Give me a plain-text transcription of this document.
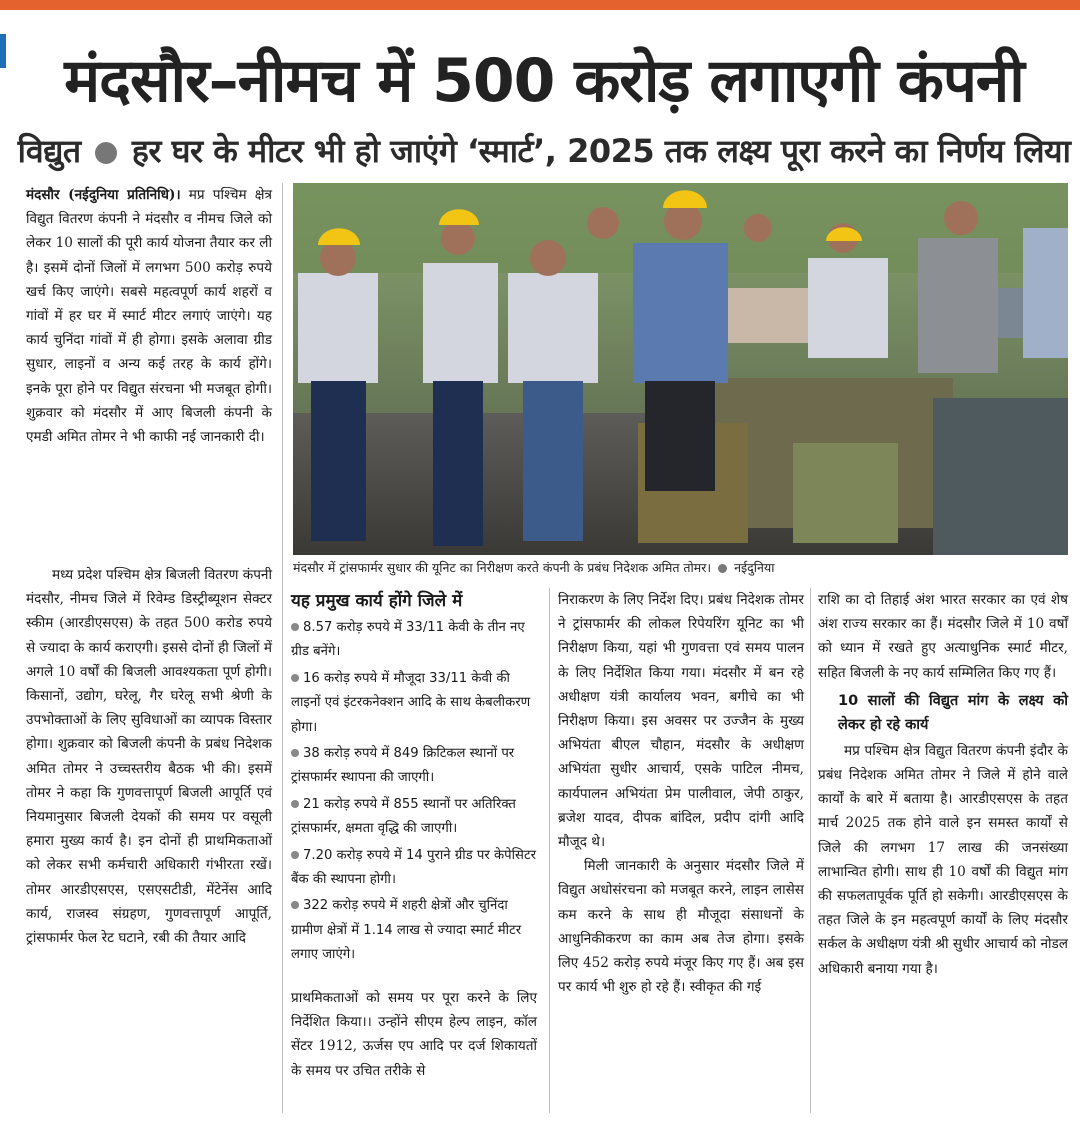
मंदसौर–नीमच में 500 करोड़ लगाएगी कंपनी
विद्युत हर घर के मीटर भी हो जाएंगे ‘स्मार्ट’, 2025 तक लक्ष्य पूरा करने का निर्णय लिया

मंदसौर (नईदुनिया प्रतिनिधि)। मप्र पश्चिम क्षेत्र विद्युत वितरण कंपनी ने मंदसौर व नीमच जिले को लेकर 10 सालों की पूरी कार्य योजना तैयार कर ली है। इसमें दोनों जिलों में लगभग 500 करोड़ रुपये खर्च किए जाएंगे। सबसे महत्वपूर्ण कार्य शहरों व गांवों में हर घर में स्मार्ट मीटर लगाएं जाएंगे। यह कार्य चुनिंदा गांवों में ही होगा। इसके अलावा ग्रीड सुधार, लाइनों व अन्य कई तरह के कार्य होंगे। इनके पूरा होने पर विद्युत संरचना भी मजबूत होगी। शुक्रवार को मंदसौर में आए बिजली कंपनी के एमडी अमित तोमर ने भी काफी नई जानकारी दी।

मध्य प्रदेश पश्चिम क्षेत्र बिजली वितरण कंपनी मंदसौर, नीमच जिले में रिवेम्ड डिस्ट्रीब्यूशन सेक्टर स्कीम (आरडीएसएस) के तहत 500 करोड रुपये से ज्यादा के कार्य कराएगी। इससे दोनों ही जिलों में अगले 10 वर्षों की बिजली आवश्यकता पूर्ण होगी। किसानों, उद्योग, घरेलू, गैर घरेलू सभी श्रेणी के उपभोक्ताओं के लिए सुविधाओं का व्यापक विस्तार होगा। शुक्रवार को बिजली कंपनी के प्रबंध निदेशक अमित तोमर ने उच्चस्तरीय बैठक भी की। इसमें तोमर ने कहा कि गुणवत्तापूर्ण बिजली आपूर्ति एवं नियमानुसार बिजली देयकों की समय पर वसूली हमारा मुख्य कार्य है। इन दोनों ही प्राथमिकताओं को लेकर सभी कर्मचारी अधिकारी गंभीरता रखें। तोमर आरडीएसएस, एसएसटीडी, मेंटेनेंस आदि कार्य, राजस्व संग्रहण, गुणवत्तापूर्ण आपूर्ति, ट्रांसफार्मर फेल रेट घटाने, रबी की तैयार आदि

मंदसौर में ट्रांसफार्मर सुधार की यूनिट का निरीक्षण करते कंपनी के प्रबंध निदेशक अमित तोमर। नईदुनिया
यह प्रमुख कार्य होंगे जिले में
8.57 करोड़ रुपये में 33/11 केवी के तीन नए ग्रीड बनेंगे।
16 करोड़ रुपये में मौजूदा 33/11 केवी की लाइनों एवं इंटरकनेक्शन आदि के साथ केबलीकरण होगा।
38 करोड़ रुपये में 849 क्रिटिकल स्थानों पर ट्रांसफार्मर स्थापना की जाएगी।
21 करोड़ रुपये में 855 स्थानों पर अतिरिक्त ट्रांसफार्मर, क्षमता वृद्धि की जाएगी।
7.20 करोड़ रुपये में 14 पुराने ग्रीड पर केपेसिटर बैंक की स्थापना होगी।
322 करोड़ रुपये में शहरी क्षेत्रों और चुनिंदा ग्रामीण क्षेत्रों में 1.14 लाख से ज्यादा स्मार्ट मीटर लगाए जाएंगे।

प्राथमिकताओं को समय पर पूरा करने के लिए निर्देशित किया।। उन्होंने सीएम हेल्प लाइन, कॉल सेंटर 1912, ऊर्जस एप आदि पर दर्ज शिकायतों के समय पर उचित तरीके से

निराकरण के लिए निर्देश दिए। प्रबंध निदेशक तोमर ने ट्रांसफार्मर की लोकल रिपेयरिंग यूनिट का भी निरीक्षण किया, यहां भी गुणवत्ता एवं समय पालन के लिए निर्देशित किया गया। मंदसौर में बन रहे अधीक्षण यंत्री कार्यालय भवन, बगीचे का भी निरीक्षण किया। इस अवसर पर उज्जैन के मुख्य अभियंता बीएल चौहान, मंदसौर के अधीक्षण अभियंता सुधीर आचार्य, एसके पाटिल नीमच, कार्यपालन अभियंता प्रेम पालीवाल, जेपी ठाकुर, ब्रजेश यादव, दीपक बांदिल, प्रदीप दांगी आदि मौजूद थे।

मिली जानकारी के अनुसार मंदसौर जिले में विद्युत अधोसंरचना को मजबूत करने, लाइन लासेस कम करने के साथ ही मौजूदा संसाधनों के आधुनिकीकरण का काम अब तेज होगा। इसके लिए 452 करोड़ रुपये मंजूर किए गए हैं। अब इस पर कार्य भी शुरु हो रहे हैं। स्वीकृत की गई

राशि का दो तिहाई अंश भारत सरकार का एवं शेष अंश राज्य सरकार का हैं। मंदसौर जिले में 10 वर्षों को ध्यान में रखते हुए अत्याधुनिक स्मार्ट मीटर, सहित बिजली के नए कार्य सम्मिलित किए गए हैं।

10 सालों की विद्युत मांग के लक्ष्य को लेकर हो रहे कार्य

मप्र पश्चिम क्षेत्र विद्युत वितरण कंपनी इंदौर के प्रबंध निदेशक अमित तोमर ने जिले में होने वाले कार्यों के बारे में बताया है। आरडीएसएस के तहत मार्च 2025 तक होने वाले इन समस्त कार्यों से जिले की लगभग 17 लाख की जनसंख्या लाभान्वित होगी। साथ ही 10 वर्षों की विद्युत मांग की सफलतापूर्वक पूर्ति हो सकेगी। आरडीएसएस के तहत जिले के इन महत्वपूर्ण कार्यों के लिए मंदसौर सर्कल के अधीक्षण यंत्री श्री सुधीर आचार्य को नोडल अधिकारी बनाया गया है।
